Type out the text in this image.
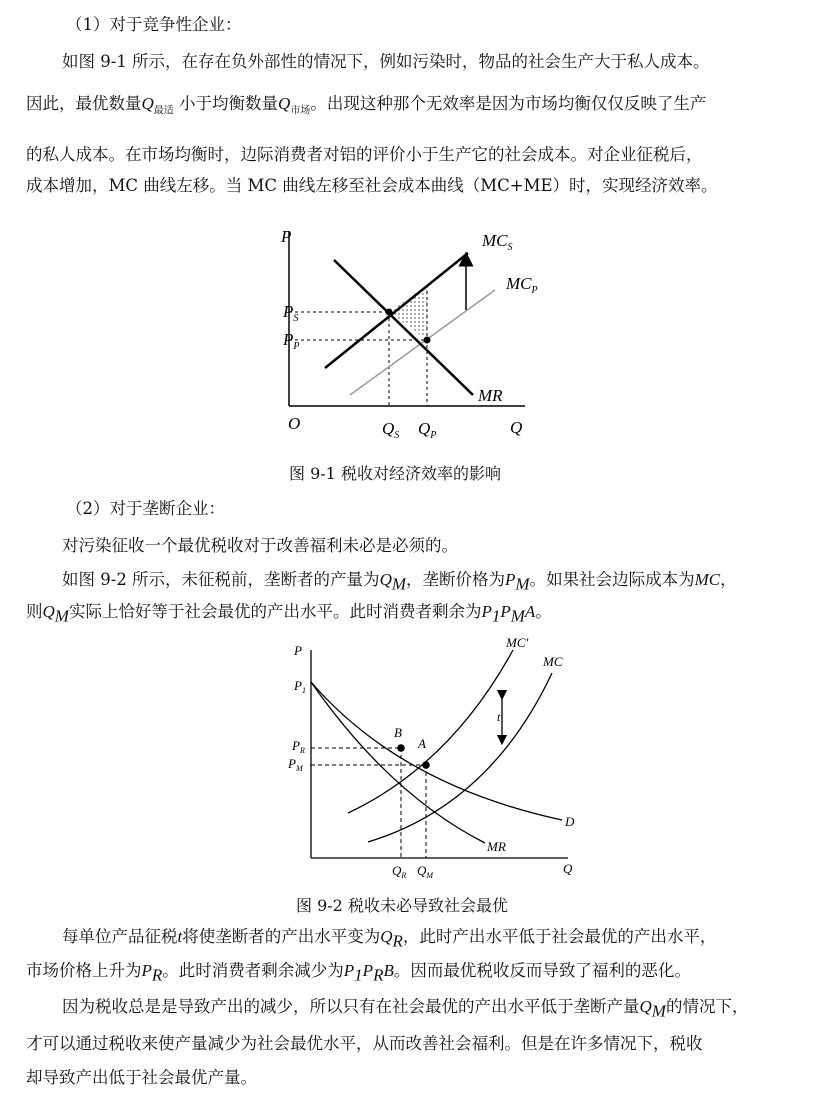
（1）对于竞争性企业：
如图 9-1 所示，在存在负外部性的情况下，例如污染时，物品的社会生产大于私人成本。
因此，最优数量$Q_{最适}$ 小于均衡数量$Q_{市场}$。出现这种那个无效率是因为市场均衡仅仅反映了生产
的私人成本。在市场均衡时，边际消费者对铝的评价小于生产它的社会成本。对企业征税后，
成本增加，MC 曲线左移。当 MC 曲线左移至社会成本曲线（MC+ME）时，实现经济效率。
P
O	Q
$P_S$
$P_P$
$Q_S$ $Q_P$
$MC_S$
$MC_P$
MR
图 9-1 税收对经济效率的影响
（2）对于垄断企业：
对污染征收一个最优税收对于改善福利未必是必须的。
如图 9-2 所示，未征税前，垄断者的产量为$Q_M$，垄断价格为$P_M$。如果社会边际成本为MC，
则$Q_M$实际上恰好等于社会最优的产出水平。此时消费者剩余为$P_1P_MA$。
P
$P_1$
$P_R$
$P_M$
B
A
MC′
MC
t
D
MR
$Q_R$ $Q_M$	Q
图 9-2 税收未必导致社会最优
每单位产品征税t将使垄断者的产出水平变为$Q_R$，此时产出水平低于社会最优的产出水平，
市场价格上升为$P_R$。此时消费者剩余减少为$P_1P_RB$。因而最优税收反而导致了福利的恶化。
因为税收总是是导致产出的减少，所以只有在社会最优的产出水平低于垄断产量$Q_M$的情况下，
才可以通过税收来使产量减少为社会最优水平，从而改善社会福利。但是在许多情况下，税收
却导致产出低于社会最优产量。
